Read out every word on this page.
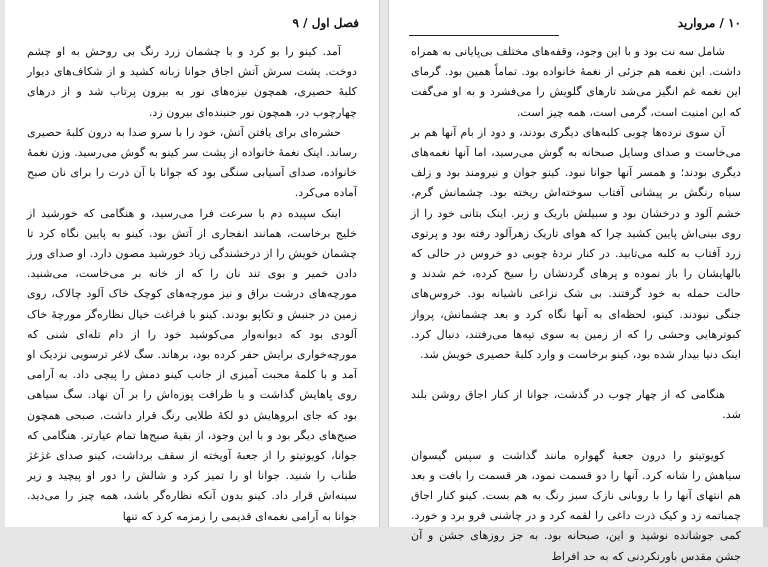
فصل اول / ۹

آمد. کینو را بو کرد و با چشمان زرد رنگ بی روحش به او چشم دوخت. پشت سرش آتش اجاق جوانا زبانه کشید و از شکاف‌های دیوار کلبهٔ حصیری، همچون نیزه‌های نور به بیرون پرتاب شد و از درهای چهارچوب در، همچون نور جنبنده‌ای بیرون زد.

حشره‌ای برای یافتن آتش، خود را با سرو صدا به درون کلبهٔ حصیری رساند. اینک نغمهٔ خانواده از پشت سر کینو به گوش می‌رسید. وزن نغمهٔ خانواده، صدای آسیابی سنگی بود که جوانا با آن ذرت را برای نان صبح آماده می‌کرد.

اینک سپیده دم با سرعت فرا می‌رسید، و هنگامی که خورشید از خلیج برخاست، همانند انفجاری از آتش بود. کینو به پایین نگاه کرد تا چشمان خویش را از درخشندگی زیاد خورشید مصون دارد. او صدای ورز دادن خمیر و بوی تند نان را که از خانه بر می‌خاست، می‌شنید. مورچه‌های درشت براق و نیز مورچه‌های کوچک خاک آلود چالاک، روی زمین در جنبش و تکاپو بودند. کینو با فراغت خیال نظاره‌گر مورچهٔ خاک آلودی بود که دیوانه‌وار می‌کوشید خود را از دام تله‌ای شنی که مورچه‌خواری برایش حفر کرده بود، برهاند. سگ لاغر ترسویی نزدیک او آمد و با کلمهٔ محبت آمیزی از جانب کینو دمش را پیچی داد. به آرامی روی پاهایش گذاشت و با ظرافت پوزه‌اش را بر آن نهاد. سگ سیاهی بود که جای ابروهایش دو لکهٔ طلایی رنگ قرار داشت. صبحی همچون صبح‌های دیگر بود و با این وجود، از بقیهٔ صبح‌ها تمام عیارتر. هنگامی که جوانا، کویوتیتو را از جعبهٔ آویخته از سقف برداشت، کینو صدای غژغژ طناب را شنید. جوانا او را تمیز کرد و شالش را دور او پیچید و زیر سینه‌اش قرار داد. کینو بدون آنکه نظاره‌گر باشد، همه چیز را می‌دید. جوانا به آرامی نغمه‌ای قدیمی را زمزمه کرد که تنها

۱۰ / مروارید

شامل سه نت بود و با این وجود، وقفه‌های مختلف بی‌پایانی به همراه داشت. این نغمه هم جزئی از نغمهٔ خانواده بود. تماماً همین بود. گرمای این نغمه غم انگیز می‌شد تارهای گلویش را می‌فشرد و به او می‌گفت که این امنیت است، گرمی است، همه چیز است.

آن سوی نرده‌ها چوبی کلبه‌های دیگری بودند، و دود از بام آنها هم بر می‌خاست و صدای وسایل صبحانه به گوش می‌رسید، اما آنها نغمه‌های دیگری بودند؛ و همسر آنها جوانا نبود. کینو جوان و نیرومند بود و زلف سیاه رنگش بر پیشانی آفتاب سوخته‌اش ریخته بود. چشمانش گرم، خشم آلود و درخشان بود و سبیلش باریک و زبر. اینک بتانی خود را از روی بینی‌اش پایین کشید چرا که هوای تاریک زهرآلود رفته بود و پرتوی زرد آفتاب به کلبه می‌تابید. در کنار نردهٔ چوبی دو خروس در حالی که بالهایشان را باز نموده و پرهای گردنشان را سیخ کرده، خم شدند و حالت حمله به خود گرفتند. بی شک نزاعی ناشیانه بود. خروس‌های جنگی نبودند. کینو، لحظه‌ای به آنها نگاه کرد و بعد چشمانش، پرواز کبوترهایی وحشی را که از زمین به سوی تپه‌ها می‌رفتند، دنبال کرد. اینک دنیا بیدار شده بود، کینو برخاست و وارد کلبهٔ حصیری خویش شد.

هنگامی که از چهار چوب در گذشت، جوانا از کنار اجاق روشن بلند شد.

کویوتیتو را درون جعبهٔ گهواره مانند گذاشت و سپس گیسوان سیاهش را شانه کرد. آنها را دو قسمت نمود، هر قسمت را بافت و بعد هم انتهای آنها را با روبانی نازک سبز رنگ به هم بست. کینو کنار اجاق چمباتمه زد و کیک ذرت داغی را لقمه کرد و در چاشنی فرو برد و خورد. کمی جوشانده نوشید و این، صبحانه بود. به جز روزهای جشن و آن جشن مقدس باورنکردنی که به حد افراط
